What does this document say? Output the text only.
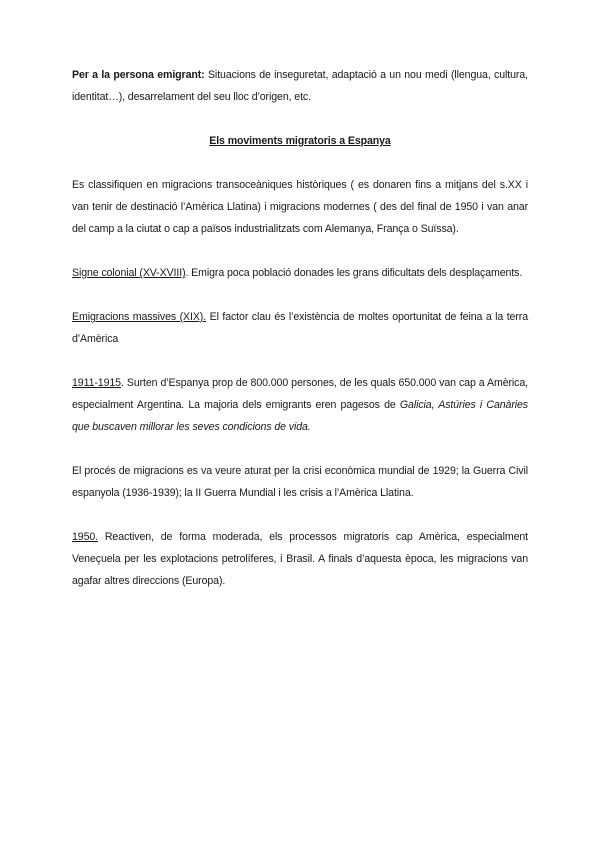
Per a la persona emigrant: Situacions de inseguretat, adaptació a un nou medi (llengua, cultura, identitat…), desarrelament del seu lloc d’origen, etc.

Els moviments migratoris a Espanya

Es classifiquen en migracions transoceàniques històriques ( es donaren fins a mitjans del s.XX i van tenir de destinació l’Amèrica Llatina) i migracions modernes ( des del final de 1950 i van anar del camp a la ciutat o cap a països industrialitzats com Alemanya, França o Suïssa).

Signe colonial (XV-XVIII). Emigra poca població donades les grans dificultats dels desplaçaments.

Emigracions massives (XIX). El factor clau és l’existència de moltes oportunitat de feina a la terra d’Amèrica

1911-1915. Surten d’Espanya prop de 800.000 persones, de les quals 650.000 van cap a Amèrica, especialment Argentina. La majoria dels emigrants eren pagesos de Galicia, Astúries i Canàries que buscaven millorar les seves condicions de vida.

El procés de migracions es va veure aturat per la crisi econòmica mundial de 1929; la Guerra Civil espanyola (1936-1939); la II Guerra Mundial i les crisis a l’Amèrica Llatina.

1950. Reactiven, de forma moderada, els processos migratoris cap Amèrica, especialment Veneçuela per les explotacions petrolíferes, i Brasil. A finals d’aquesta època, les migracions van agafar altres direccions (Europa).
